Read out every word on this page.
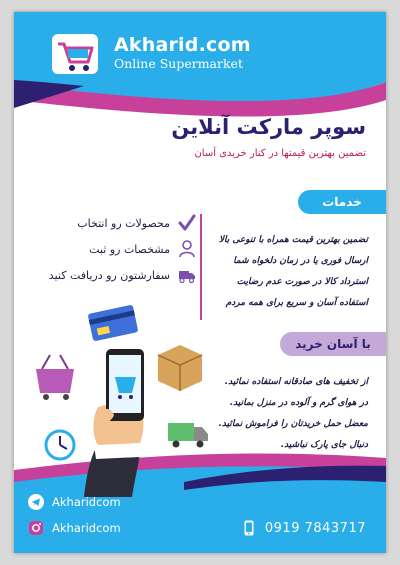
Akharid.com
Online Supermarket
سوپر مارکت آنلاین
تضمین بهترین قیمتها در کنار خریدی آسان
خدمات
محصولات رو انتخاب
مشخصات رو ثبت
سفارشتون رو دریافت کنید
تضمین بهترین قیمت همراه با تنوعی بالا
ارسال فوری یا در زمان دلخواه شما
استرداد کالا در صورت عدم رضایت
استفاده آسان و سریع برای همه مردم
با آسان خرید
از تخفیف های صادقانه استفاده نمائید.
در هوای گرم و آلوده در منزل بمانید.
معضل حمل خریدتان را فراموش نمائید.
دنبال جای پارک نباشید.
Akharidcom
Akharidcom	0919 7843717
